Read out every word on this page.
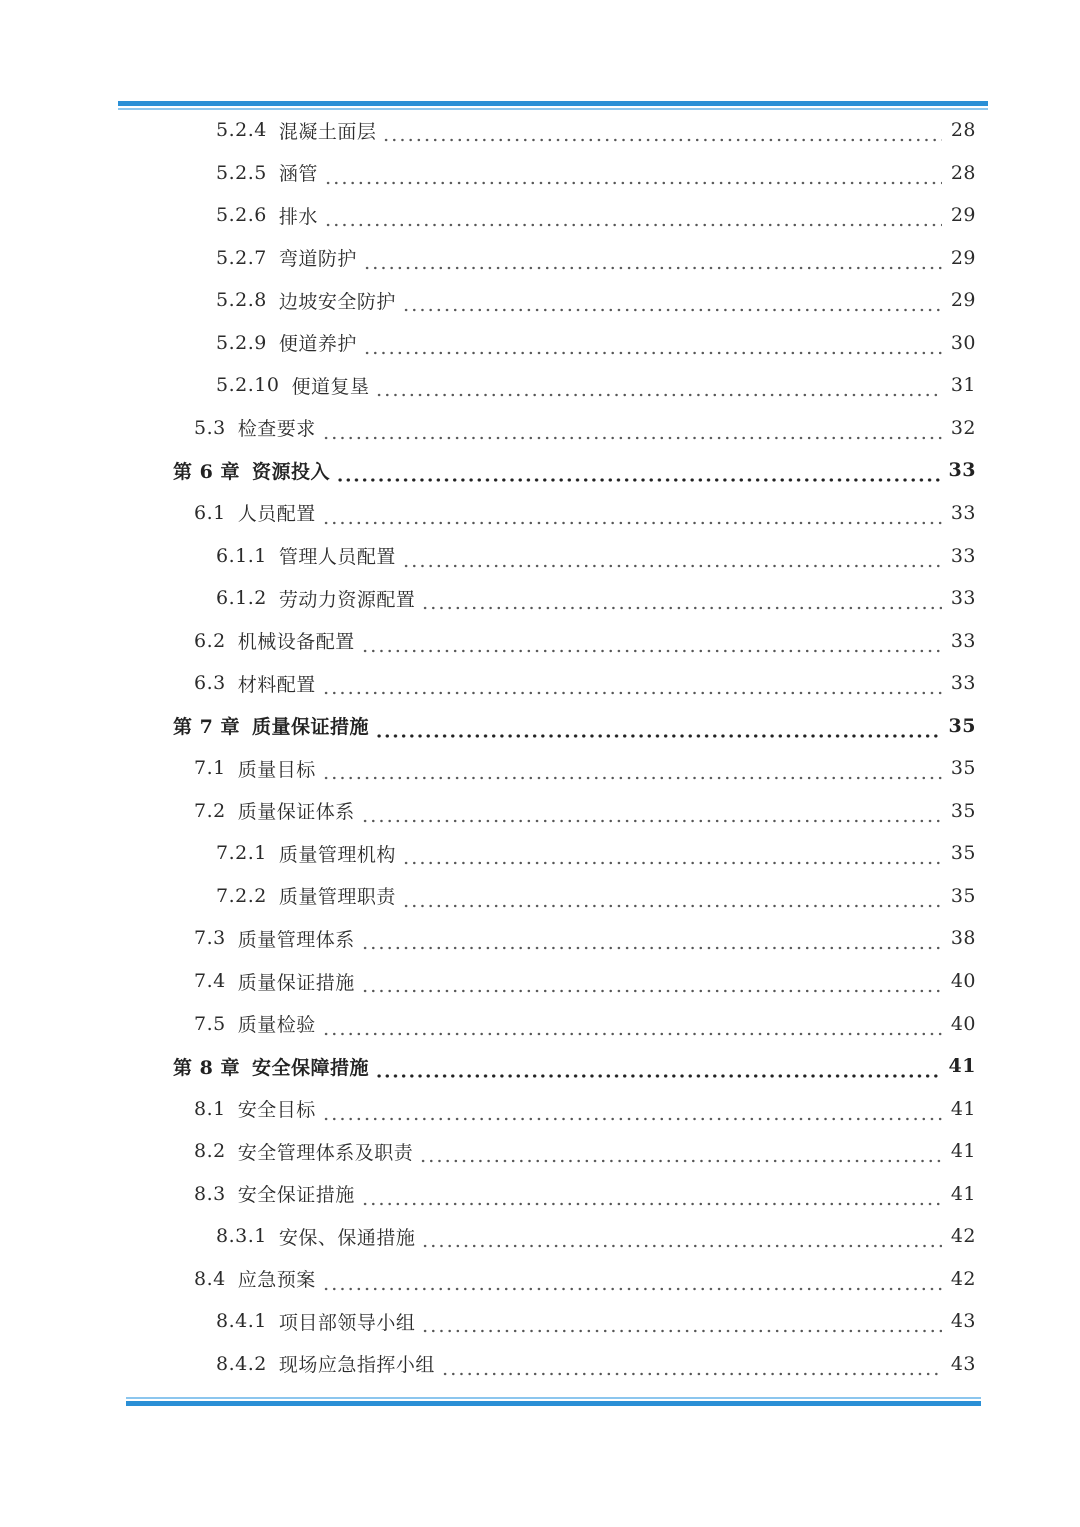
5.2.4 混凝土面层	28
5.2.5 涵管	28
5.2.6 排水	29
5.2.7 弯道防护	29
5.2.8 边坡安全防护	29
5.2.9 便道养护	30
5.2.10 便道复垦	31
5.3 检查要求	32
第 6 章 资源投入	33
6.1 人员配置	33
6.1.1 管理人员配置	33
6.1.2 劳动力资源配置	33
6.2 机械设备配置	33
6.3 材料配置	33
第 7 章 质量保证措施	35
7.1 质量目标	35
7.2 质量保证体系	35
7.2.1 质量管理机构	35
7.2.2 质量管理职责	35
7.3 质量管理体系	38
7.4 质量保证措施	40
7.5 质量检验	40
第 8 章 安全保障措施	41
8.1 安全目标	41
8.2 安全管理体系及职责	41
8.3 安全保证措施	41
8.3.1 安保、保通措施	42
8.4 应急预案	42
8.4.1 项目部领导小组	43
8.4.2 现场应急指挥小组	43
